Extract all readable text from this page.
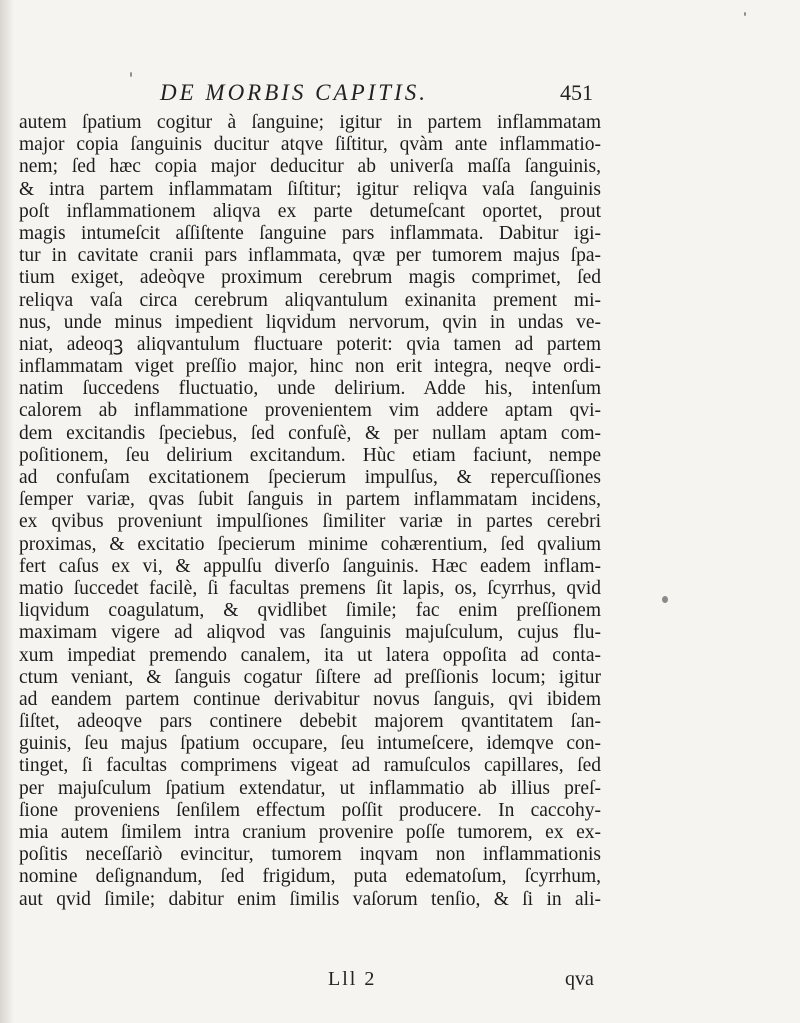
DE MORBIS CAPITIS.	451
autem ſpatium cogitur à ſanguine; igitur in partem inflammatam
major copia ſanguinis ducitur atqve ſiſtitur, qvàm ante inflammatio-
nem; ſed hæc copia major deducitur ab univerſa maſſa ſanguinis,
& intra partem inflammatam ſiſtitur; igitur reliqva vaſa ſanguinis
poſt inflammationem aliqva ex parte detumeſcant oportet, prout
magis intumeſcit aſſiſtente ſanguine pars inflammata. Dabitur igi-
tur in cavitate cranii pars inflammata, qvæ per tumorem majus ſpa-
tium exiget, adeòqve proximum cerebrum magis comprimet, ſed
reliqva vaſa circa cerebrum aliqvantulum exinanita prement mi-
nus, unde minus impedient liqvidum nervorum, qvin in undas ve-
niat, adeoqꝫ aliqvantulum fluctuare poterit: qvia tamen ad partem
inflammatam viget preſſio major, hinc non erit integra, neqve ordi-
natim ſuccedens fluctuatio, unde delirium. Adde his, intenſum
calorem ab inflammatione provenientem vim addere aptam qvi-
dem excitandis ſpeciebus, ſed confuſè, & per nullam aptam com-
poſitionem, ſeu delirium excitandum. Hùc etiam faciunt, nempe
ad confuſam excitationem ſpecierum impulſus, & repercuſſiones
ſemper variæ, qvas ſubit ſanguis in partem inflammatam incidens,
ex qvibus proveniunt impulſiones ſimiliter variæ in partes cerebri
proximas, & excitatio ſpecierum minime cohærentium, ſed qvalium
fert caſus ex vi, & appulſu diverſo ſanguinis. Hæc eadem inflam-
matio ſuccedet facilè, ſi facultas premens ſit lapis, os, ſcyrrhus, qvid
liqvidum coagulatum, & qvidlibet ſimile; fac enim preſſionem
maximam vigere ad aliqvod vas ſanguinis majuſculum, cujus flu-
xum impediat premendo canalem, ita ut latera oppoſita ad conta-
ctum veniant, & ſanguis cogatur ſiſtere ad preſſionis locum; igitur
ad eandem partem continue derivabitur novus ſanguis, qvi ibidem
ſiſtet, adeoqve pars continere debebit majorem qvantitatem ſan-
guinis, ſeu majus ſpatium occupare, ſeu intumeſcere, idemqve con-
tinget, ſi facultas comprimens vigeat ad ramuſculos capillares, ſed
per majuſculum ſpatium extendatur, ut inflammatio ab illius preſ-
ſione proveniens ſenſilem effectum poſſit producere. In caccohy-
mia autem ſimilem intra cranium provenire poſſe tumorem, ex ex-
poſitis neceſſariò evincitur, tumorem inqvam non inflammationis
nomine deſignandum, ſed frigidum, puta edematoſum, ſcyrrhum,
aut qvid ſimile; dabitur enim ſimilis vaſorum tenſio, & ſi in ali-
Lll 2	qva
